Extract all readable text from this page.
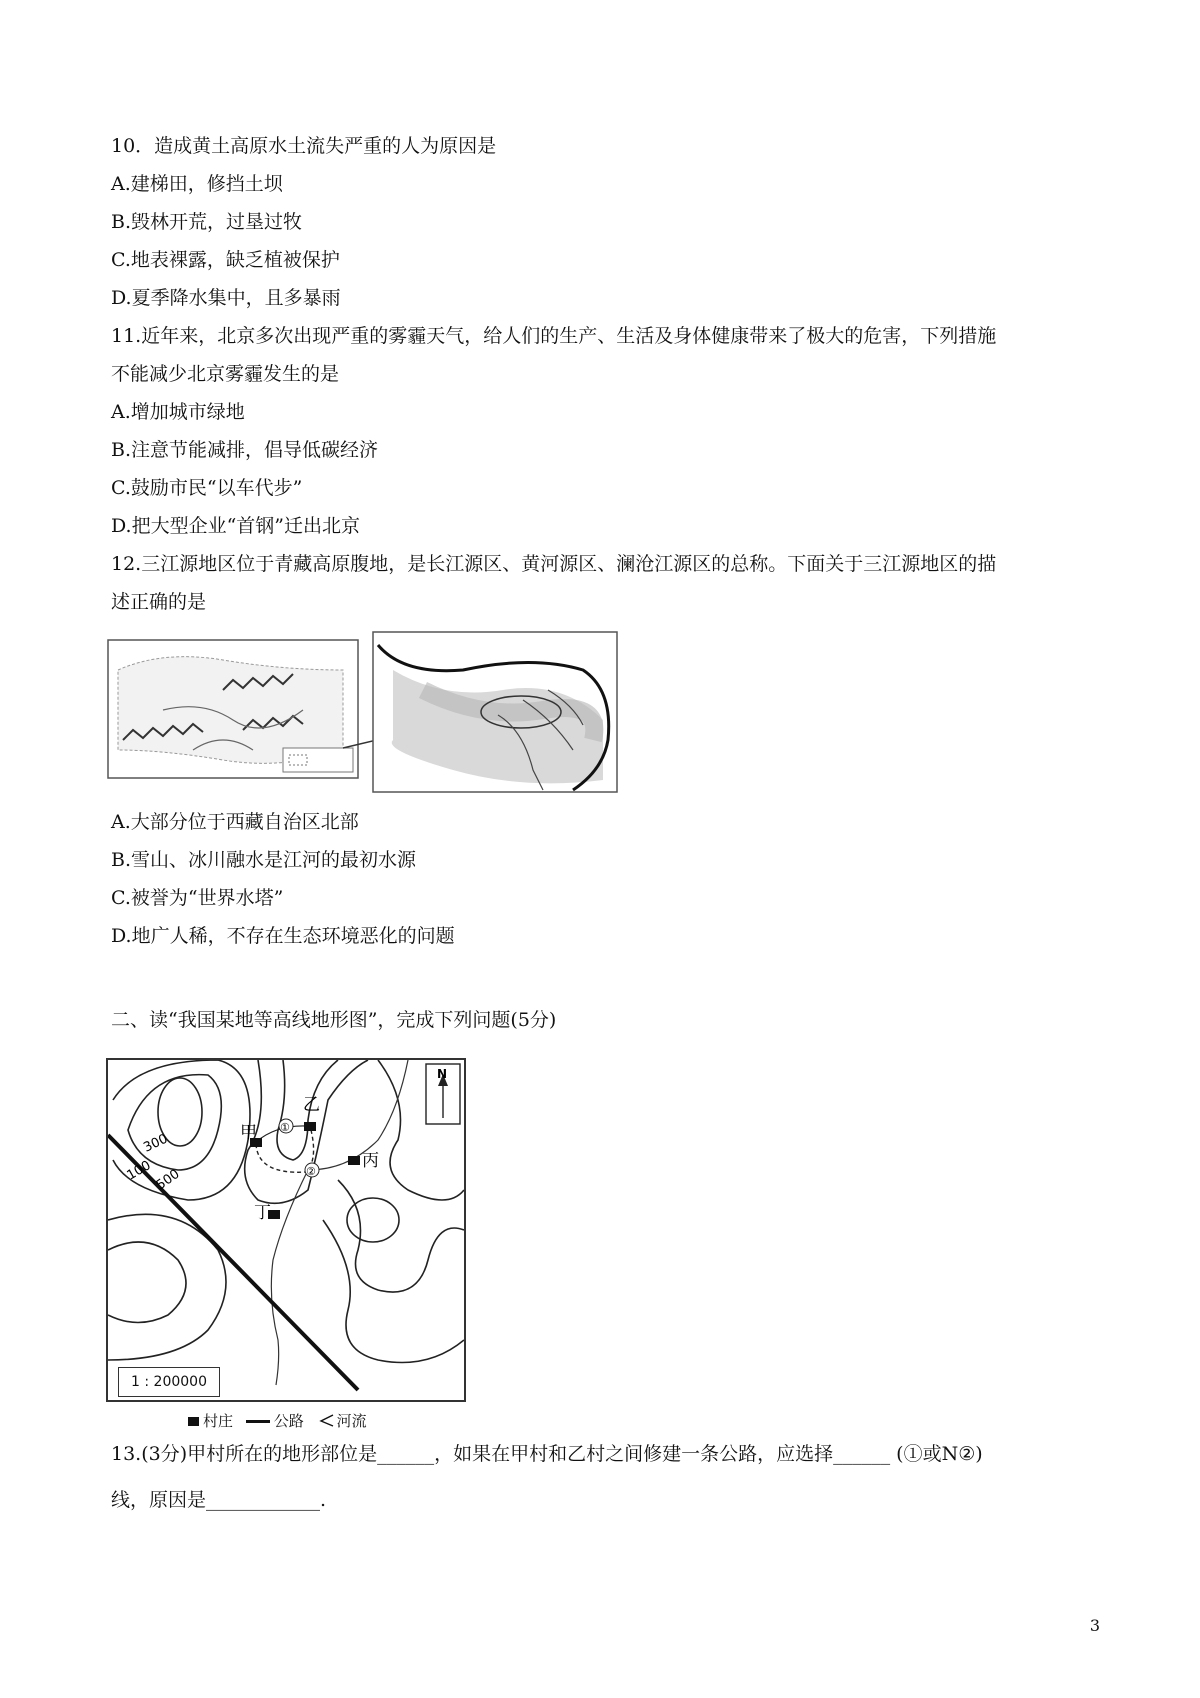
10．造成黄土高原水土流失严重的人为原因是
A.建梯田，修挡土坝
B.毁林开荒，过垦过牧
C.地表裸露，缺乏植被保护
D.夏季降水集中，且多暴雨
11.近年来，北京多次出现严重的雾霾天气，给人们的生产、生活及身体健康带来了极大的危害，下列措施
不能减少北京雾霾发生的是
A.增加城市绿地
B.注意节能减排，倡导低碳经济
C.鼓励市民“以车代步”
D.把大型企业“首钢”迁出北京
12.三江源地区位于青藏高原腹地，是长江源区、黄河源区、澜沧江源区的总称。下面关于三江源地区的描
述正确的是
A.大部分位于西藏自治区北部
B.雪山、冰川融水是江河的最初水源
C.被誉为“世界水塔”
D.地广人稀，不存在生态环境恶化的问题
二、读“我国某地等高线地形图”，完成下列问题(5分)
500
300
100
甲
乙
丙
丁
①
②
N
1 : 200000
村庄	公路 河流
13.(3分)甲村所在的地形部位是______，如果在甲村和乙村之间修建一条公路，应选择______ (①或N②)
线，原因是____________.
3
